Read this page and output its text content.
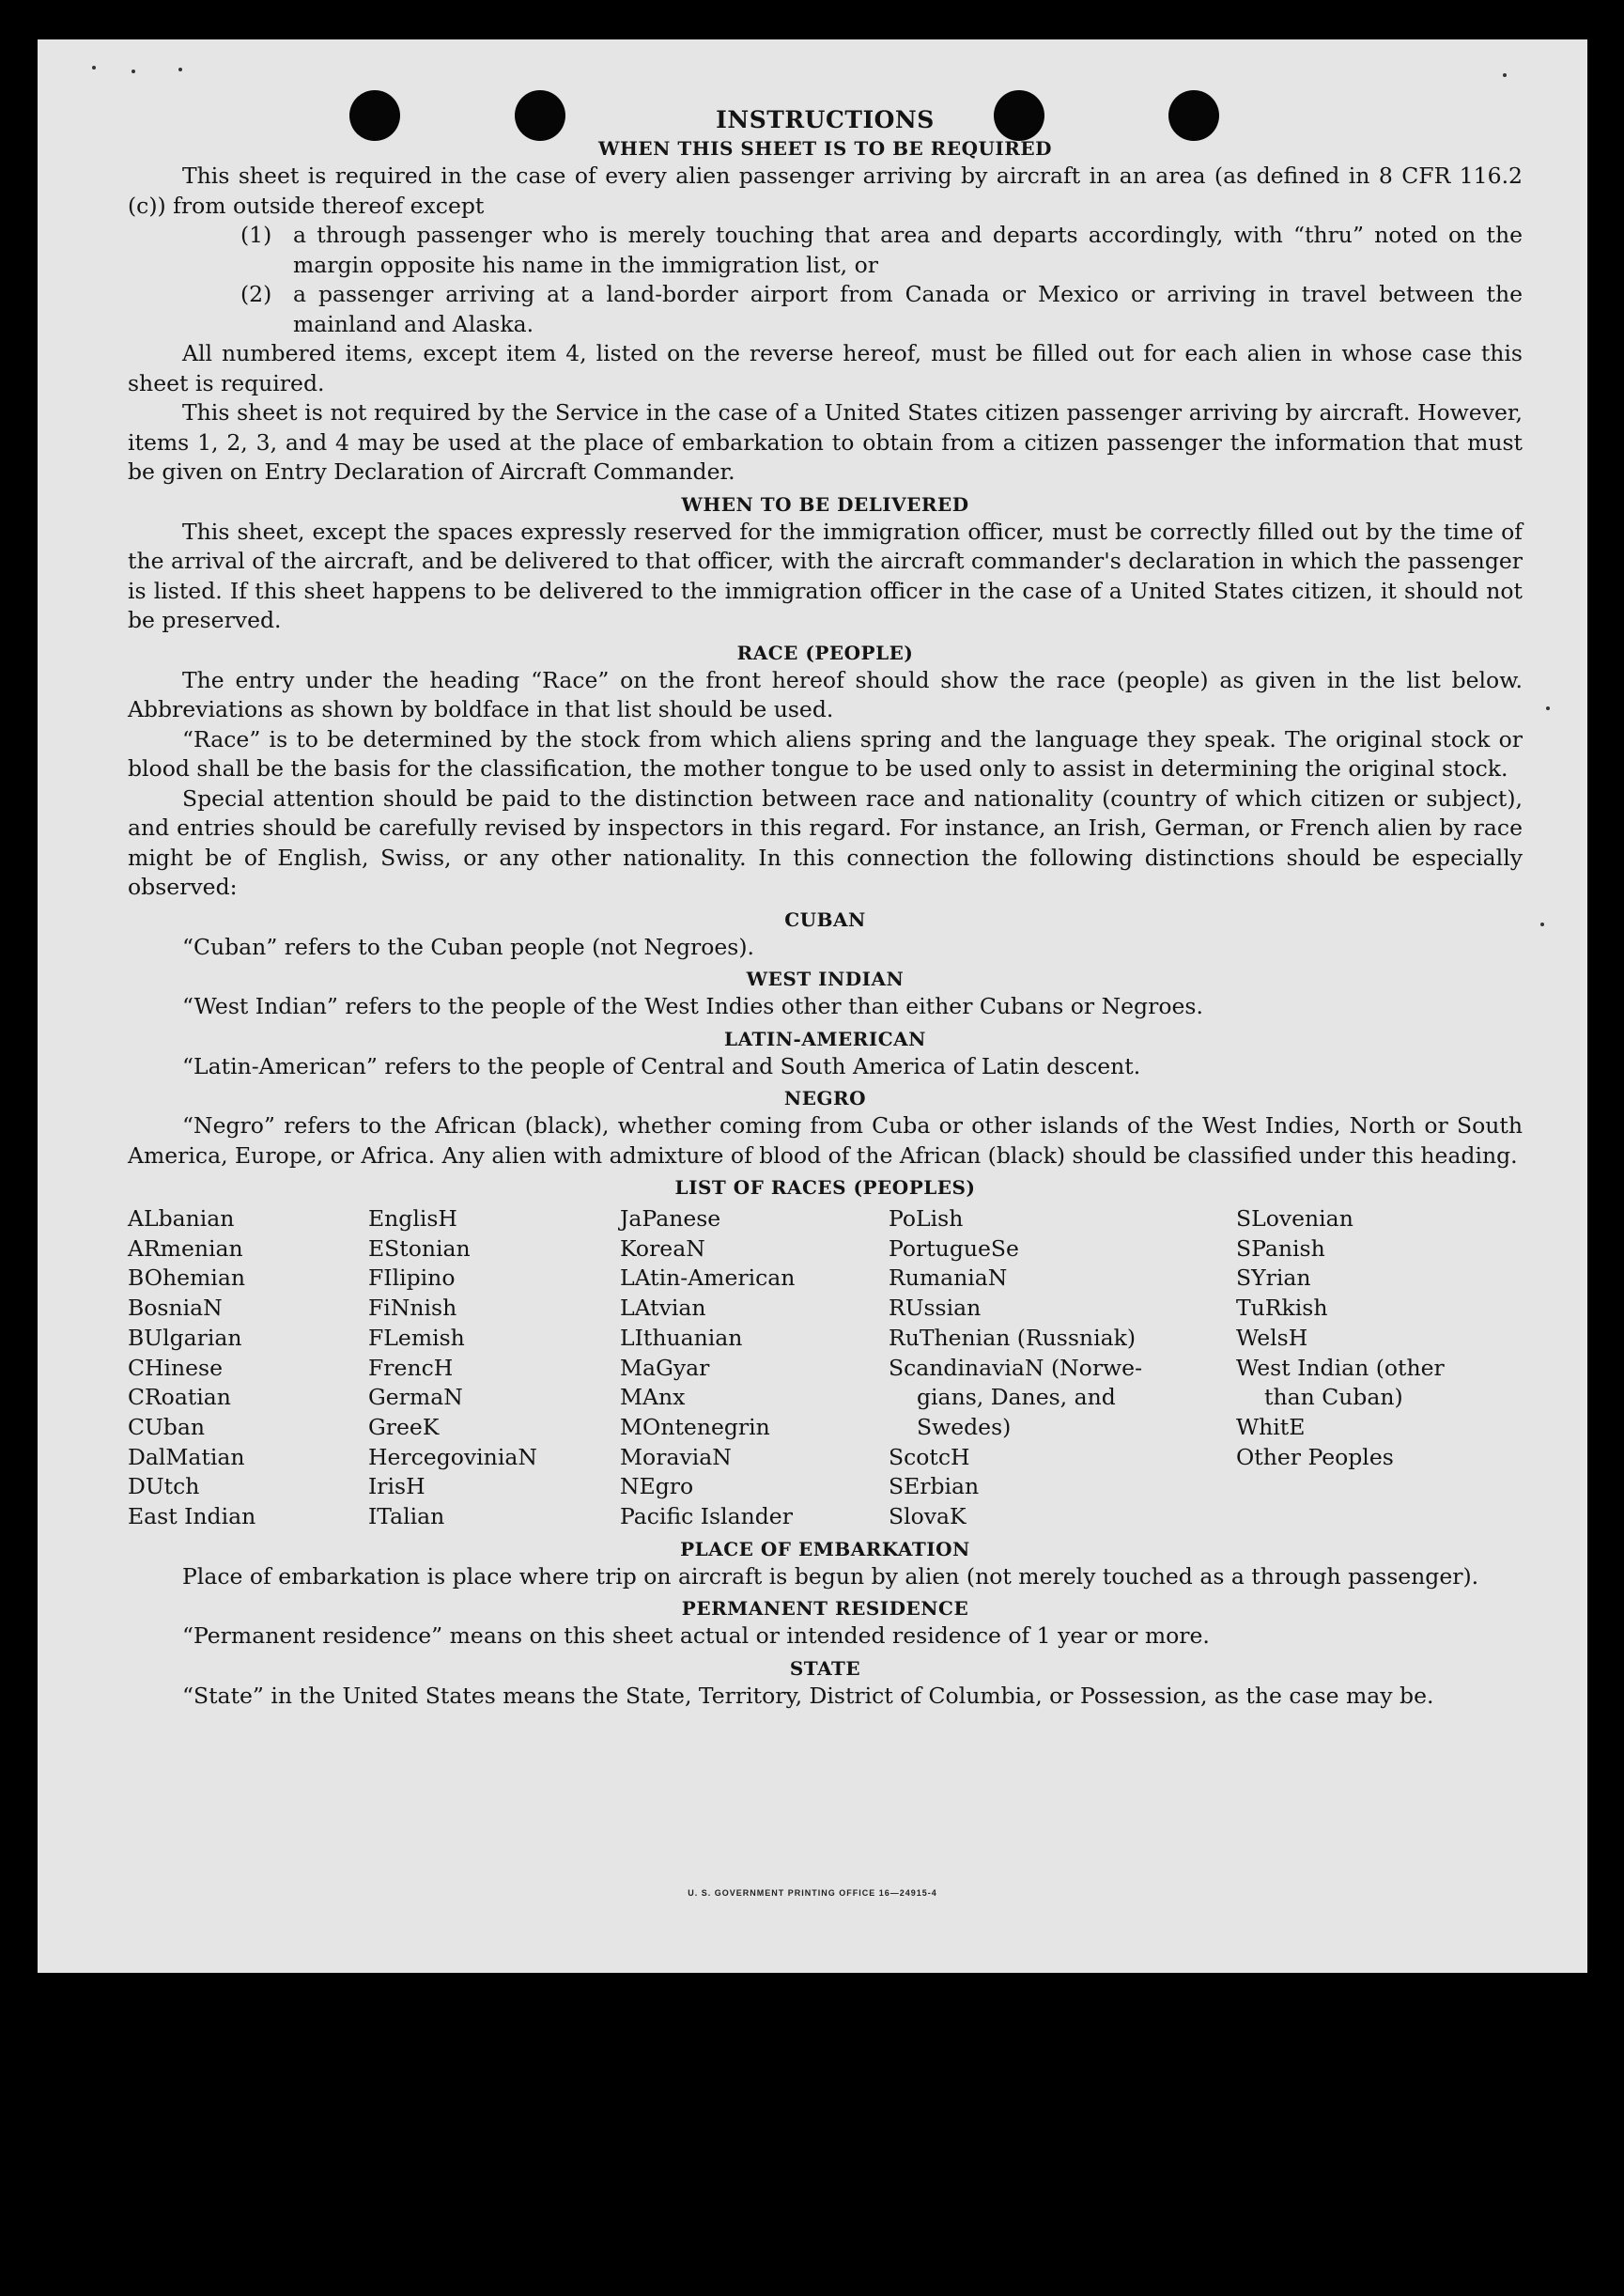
INSTRUCTIONS
WHEN THIS SHEET IS TO BE REQUIRED

This sheet is required in the case of every alien passenger arriving by aircraft in an area (as defined in 8 CFR 116.2 (c)) from outside thereof except

(1) a through passenger who is merely touching that area and departs accordingly, with “thru” noted on the margin opposite his name in the immigration list, or
(2) a passenger arriving at a land-border airport from Canada or Mexico or arriving in travel between the mainland and Alaska.

All numbered items, except item 4, listed on the reverse hereof, must be filled out for each alien in whose case this sheet is required.

This sheet is not required by the Service in the case of a United States citizen passenger arriving by aircraft. However, items 1, 2, 3, and 4 may be used at the place of embarkation to obtain from a citizen passenger the information that must be given on Entry Declaration of Aircraft Commander.

WHEN TO BE DELIVERED

This sheet, except the spaces expressly reserved for the immigration officer, must be correctly filled out by the time of the arrival of the aircraft, and be delivered to that officer, with the aircraft commander's declaration in which the passenger is listed. If this sheet happens to be delivered to the immigration officer in the case of a United States citizen, it should not be preserved.

RACE (PEOPLE)

The entry under the heading “Race” on the front hereof should show the race (people) as given in the list below. Abbreviations as shown by boldface in that list should be used.

“Race” is to be determined by the stock from which aliens spring and the language they speak. The original stock or blood shall be the basis for the classification, the mother tongue to be used only to assist in determining the original stock.

Special attention should be paid to the distinction between race and nationality (country of which citizen or subject), and entries should be carefully revised by inspectors in this regard. For instance, an Irish, German, or French alien by race might be of English, Swiss, or any other nationality. In this connection the following distinctions should be especially observed:

CUBAN

“Cuban” refers to the Cuban people (not Negroes).

WEST INDIAN

“West Indian” refers to the people of the West Indies other than either Cubans or Negroes.

LATIN-AMERICAN

“Latin-American” refers to the people of Central and South America of Latin descent.

NEGRO

“Negro” refers to the African (black), whether coming from Cuba or other islands of the West Indies, North or South America, Europe, or Africa. Any alien with admixture of blood of the African (black) should be classified under this heading.

LIST OF RACES (PEOPLES)
ALbanian
ARmenian
BOhemian
BosniaN
BUlgarian
CHinese
CRoatian
CUban
DalMatian
DUtch
East Indian
EnglisH
EStonian
FIlipino
FiNnish
FLemish
FrencH
GermaN
GreeK
HercegoviniaN
IrisH
ITalian
JaPanese
KoreaN
LAtin-American
LAtvian
LIthuanian
MaGyar
MAnx
MOntenegrin
MoraviaN
NEgro
Pacific Islander
PoLish
PortugueSe
RumaniaN
RUssian
RuThenian (Russniak)
ScandinaviaN (Norwe-
gians, Danes, and
Swedes)
ScotcH
SErbian
SlovaK
SLovenian
SPanish
SYrian
TuRkish
WelsH
West Indian (other
than Cuban)
WhitE
Other Peoples
PLACE OF EMBARKATION

Place of embarkation is place where trip on aircraft is begun by alien (not merely touched as a through passenger).

PERMANENT RESIDENCE

“Permanent residence” means on this sheet actual or intended residence of 1 year or more.

STATE

“State” in the United States means the State, Territory, District of Columbia, or Possession, as the case may be.

U. S. GOVERNMENT PRINTING OFFICE 16—24915-4
